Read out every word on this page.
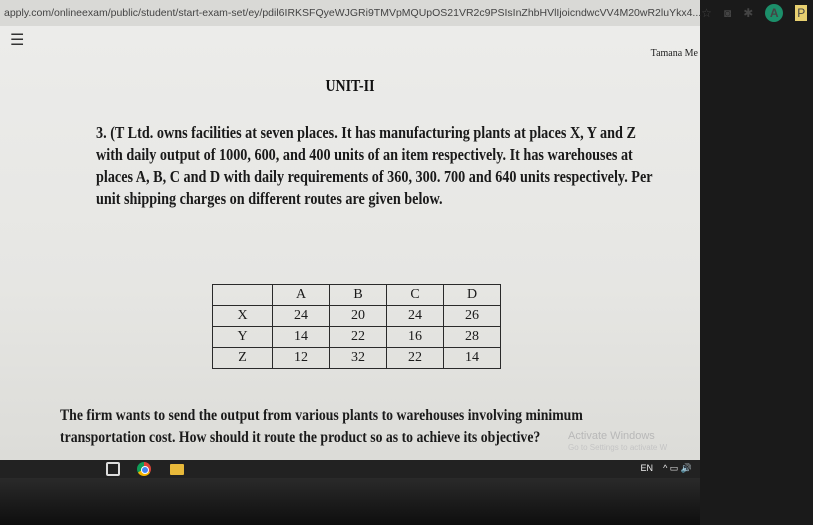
apply.com/onlineexam/public/student/start-exam-set/ey/pdil6IRKSFQyeWJGRi9TMVpMQUpOS21VR2c9PSIsInZhbHVlIjoicndwcVV4M20wR2luYkx4... ☆ ◙ ✱	A	P
☰
Tamana Me
UNIT-II
3. (T Ltd. owns facilities at seven places. It has manufacturing plants at places X, Y and Z
with daily output of 1000, 600, and 400 units of an item respectively. It has warehouses at
places A, B, C and D with daily requirements of 360, 300. 700 and 640 units respectively. Per
unit shipping charges on different routes are given below.
	A	B	C	D
X	24	20	24	26
Y	14	22	16	28
Z	12	32	22	14
The firm wants to send the output from various plants to warehouses involving minimum
transportation cost. How should it route the product so as to achieve its objective?	Activate Windows
Go to Settings to activate W
EN ^ ▭ 🔊
